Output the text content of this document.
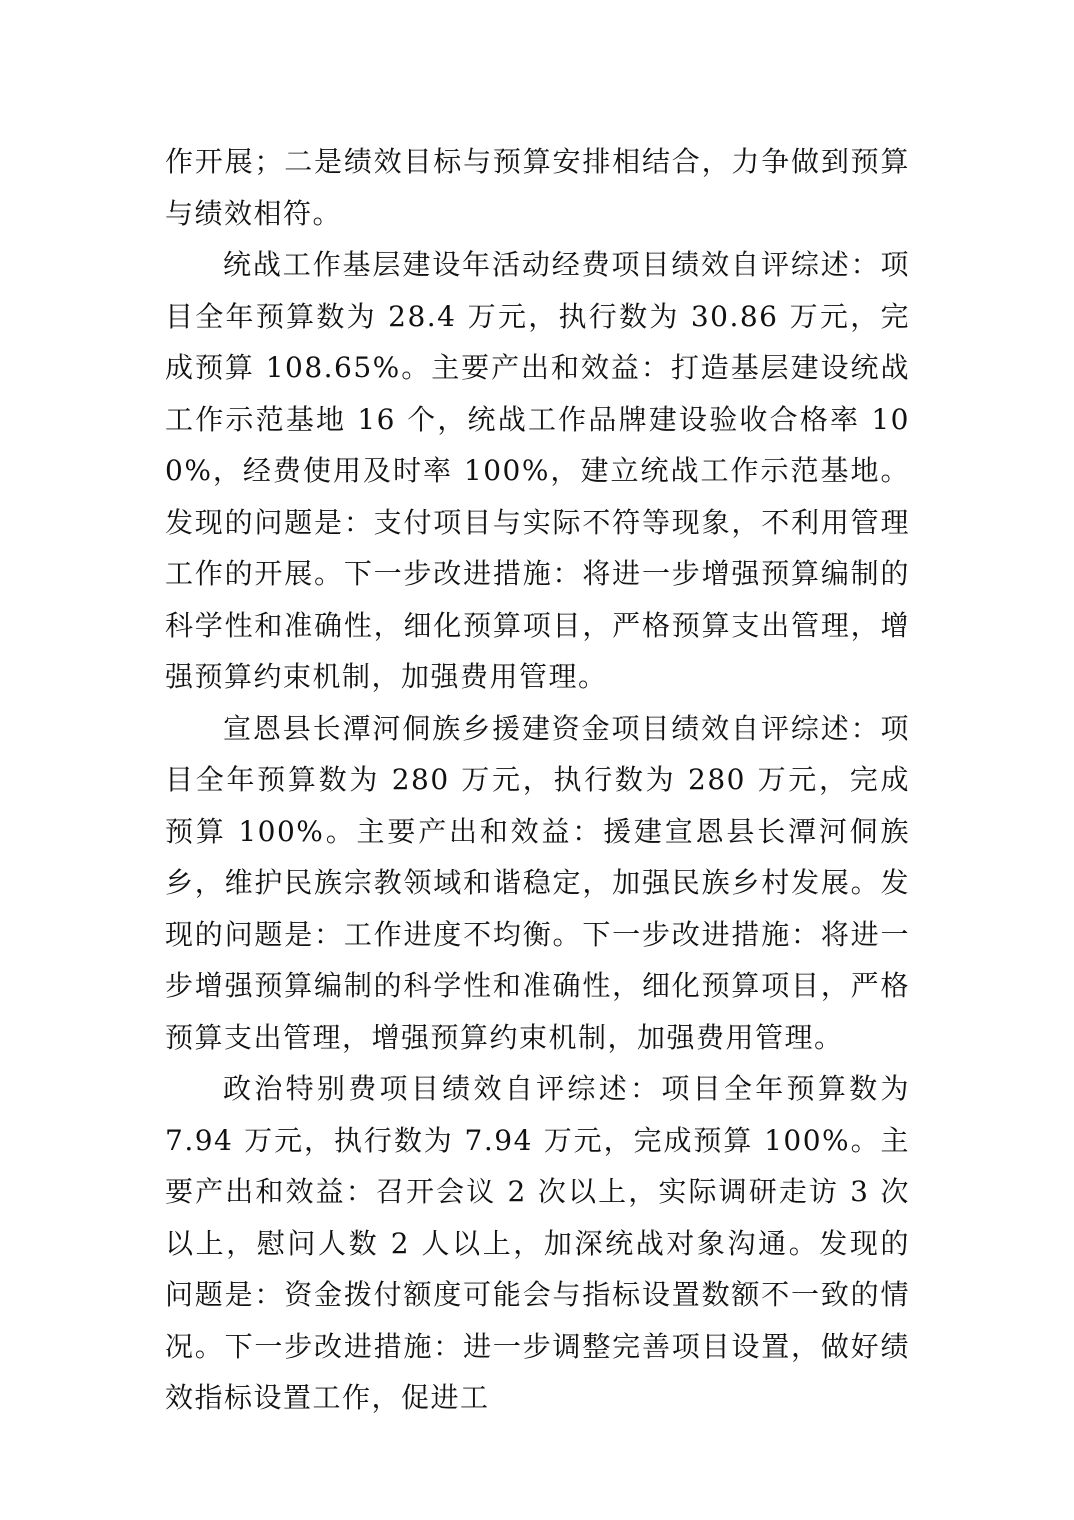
作开展；二是绩效目标与预算安排相结合，力争做到预算与绩效相符。

统战工作基层建设年活动经费项目绩效自评综述：项目全年预算数为 28.4 万元，执行数为 30.86 万元，完成预算 108.65%。主要产出和效益：打造基层建设统战工作示范基地 16 个，统战工作品牌建设验收合格率 100%，经费使用及时率 100%，建立统战工作示范基地。发现的问题是：支付项目与实际不符等现象，不利用管理工作的开展。下一步改进措施：将进一步增强预算编制的科学性和准确性，细化预算项目，严格预算支出管理，增强预算约束机制，加强费用管理。

宣恩县长潭河侗族乡援建资金项目绩效自评综述：项目全年预算数为 280 万元，执行数为 280 万元，完成预算 100%。主要产出和效益：援建宣恩县长潭河侗族乡，维护民族宗教领域和谐稳定，加强民族乡村发展。发现的问题是：工作进度不均衡。下一步改进措施：将进一步增强预算编制的科学性和准确性，细化预算项目，严格预算支出管理，增强预算约束机制，加强费用管理。

政治特别费项目绩效自评综述：项目全年预算数为 7.94 万元，执行数为 7.94 万元，完成预算 100%。主要产出和效益：召开会议 2 次以上，实际调研走访 3 次以上，慰问人数 2 人以上，加深统战对象沟通。发现的问题是：资金拨付额度可能会与指标设置数额不一致的情况。下一步改进措施：进一步调整完善项目设置，做好绩效指标设置工作，促进工
